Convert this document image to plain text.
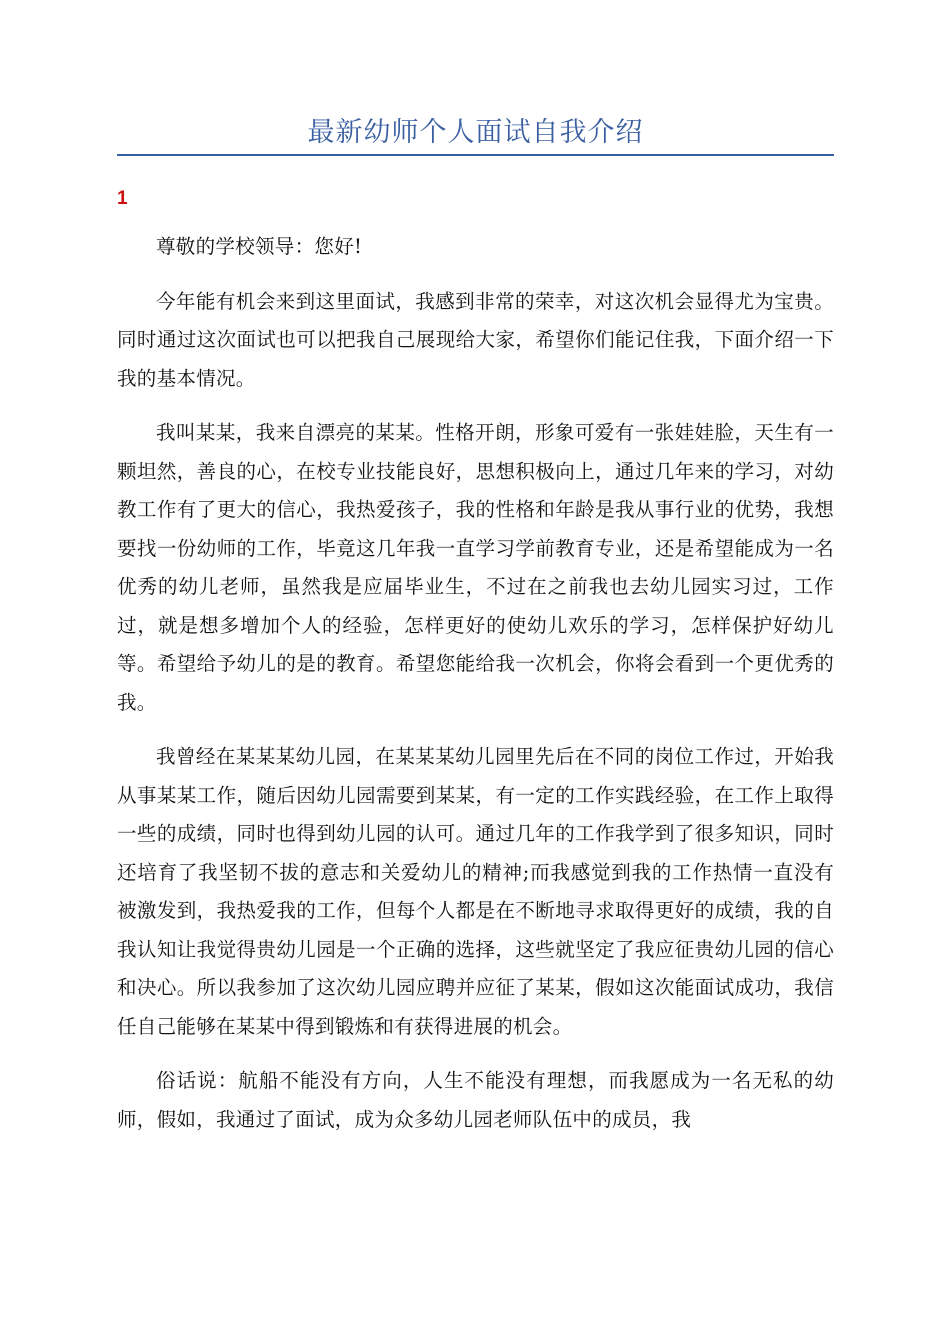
最新幼师个人面试自我介绍
1

尊敬的学校领导：您好!

今年能有机会来到这里面试，我感到非常的荣幸，对这次机会显得尤为宝贵。同时通过这次面试也可以把我自己展现给大家，希望你们能记住我，下面介绍一下我的基本情况。

我叫某某，我来自漂亮的某某。性格开朗，形象可爱有一张娃娃脸，天生有一颗坦然，善良的心，在校专业技能良好，思想积极向上，通过几年来的学习，对幼教工作有了更大的信心，我热爱孩子，我的性格和年龄是我从事行业的优势，我想要找一份幼师的工作，毕竟这几年我一直学习学前教育专业，还是希望能成为一名优秀的幼儿老师，虽然我是应届毕业生，不过在之前我也去幼儿园实习过，工作过，就是想多增加个人的经验，怎样更好的使幼儿欢乐的学习，怎样保护好幼儿等。希望给予幼儿的是的教育。希望您能给我一次机会，你将会看到一个更优秀的我。

我曾经在某某某幼儿园，在某某某幼儿园里先后在不同的岗位工作过，开始我从事某某工作，随后因幼儿园需要到某某，有一定的工作实践经验，在工作上取得一些的成绩，同时也得到幼儿园的认可。通过几年的工作我学到了很多知识，同时还培育了我坚韧不拔的意志和关爱幼儿的精神;而我感觉到我的工作热情一直没有被激发到，我热爱我的工作，但每个人都是在不断地寻求取得更好的成绩，我的自我认知让我觉得贵幼儿园是一个正确的选择，这些就坚定了我应征贵幼儿园的信心和决心。所以我参加了这次幼儿园应聘并应征了某某，假如这次能面试成功，我信任自己能够在某某中得到锻炼和有获得进展的机会。

俗话说：航船不能没有方向，人生不能没有理想，而我愿成为一名无私的幼师，假如，我通过了面试，成为众多幼儿园老师队伍中的成员，我
